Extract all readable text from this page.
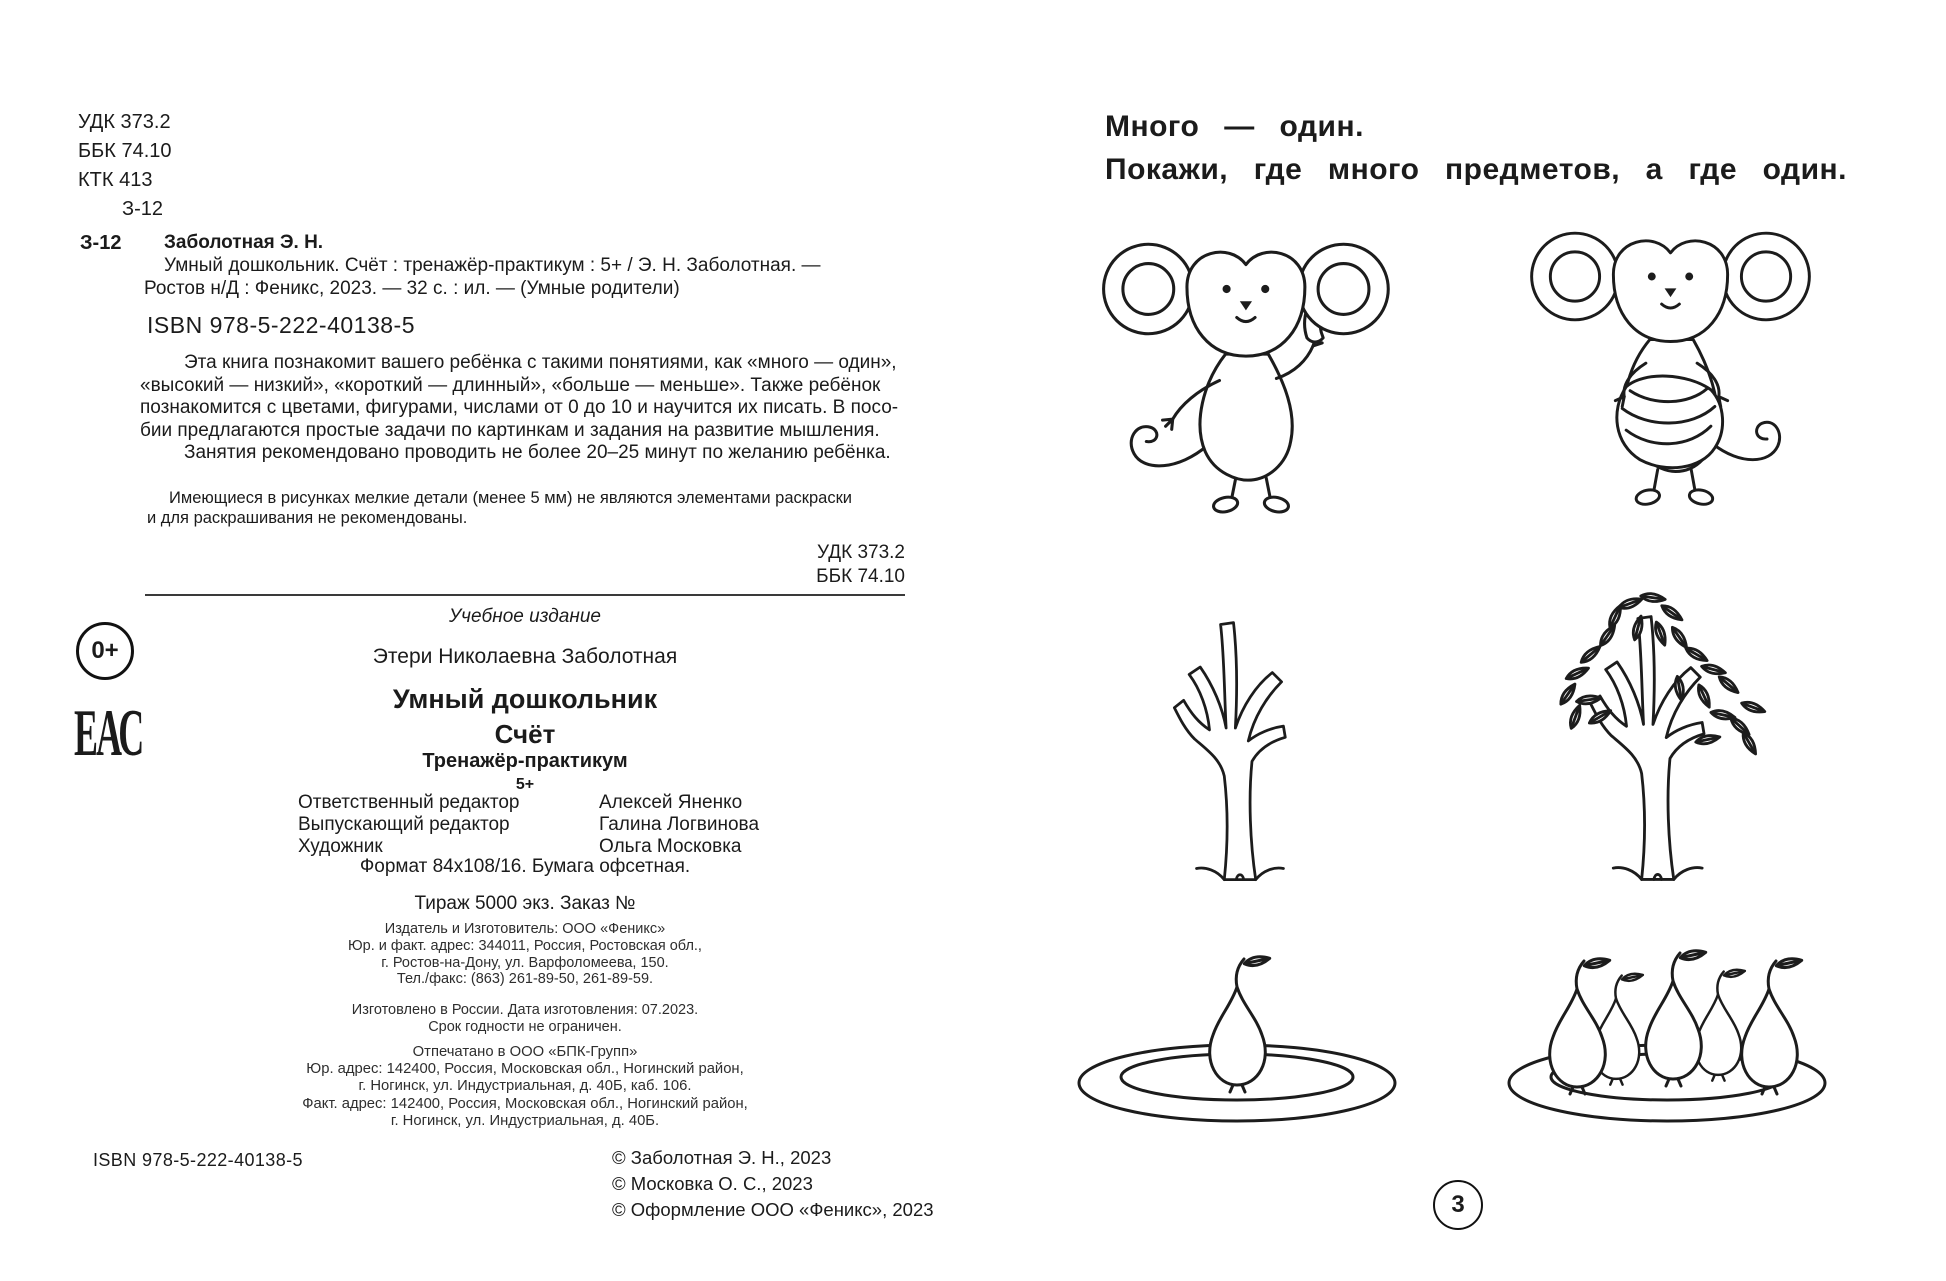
УДК 373.2
ББК 74.10
КТК 413
З-12
З-12 Заболотная Э. Н.
Умный дошкольник. Счёт : тренажёр-практикум : 5+ / Э. Н. Заболотная. —
Ростов н/Д : Феникс, 2023. — 32 с. : ил. — (Умные родители)
ISBN 978-5-222-40138-5
Эта книга познакомит вашего ребёнка с такими понятиями, как «много — один»,
«высокий — низкий», «короткий — длинный», «больше — меньше». Также ребёнок
познакомится с цветами, фигурами, числами от 0 до 10 и научится их писать. В посо-
бии предлагаются простые задачи по картинкам и задания на развитие мышления.
Занятия рекомендовано проводить не более 20–25 минут по желанию ребёнка.
Имеющиеся в рисунках мелкие детали (менее 5 мм) не являются элементами раскраски
и для раскрашивания не рекомендованы.
УДК 373.2
ББК 74.10
0+
ЕАС
Учебное издание
Этери Николаевна Заболотная
Умный дошкольник
Счёт
Тренажёр-практикум
5+
Ответственный редактор	Алексей Яненко
Выпускающий редактор	Галина Логвинова
Художник	Ольга Московка
Формат 84х108/16. Бумага офсетная.
Тираж 5000 экз. Заказ №
Издатель и Изготовитель: ООО «Феникс»
Юр. и факт. адрес: 344011, Россия, Ростовская обл.,
г. Ростов-на-Дону, ул. Варфоломеева, 150.
Тел./факс: (863) 261-89-50, 261-89-59.
Изготовлено в России. Дата изготовления: 07.2023.
Срок годности не ограничен.
Отпечатано в ООО «БПК-Групп»
Юр. адрес: 142400, Россия, Московская обл., Ногинский район,
г. Ногинск, ул. Индустриальная, д. 40Б, каб. 106.
Факт. адрес: 142400, Россия, Московская обл., Ногинский район,
г. Ногинск, ул. Индустриальная, д. 40Б.
ISBN 978-5-222-40138-5	© Заболотная Э. Н., 2023
© Московка О. С., 2023
© Оформление ООО «Феникс», 2023
Много — один.
Покажи, где много предметов, а где один.
3
